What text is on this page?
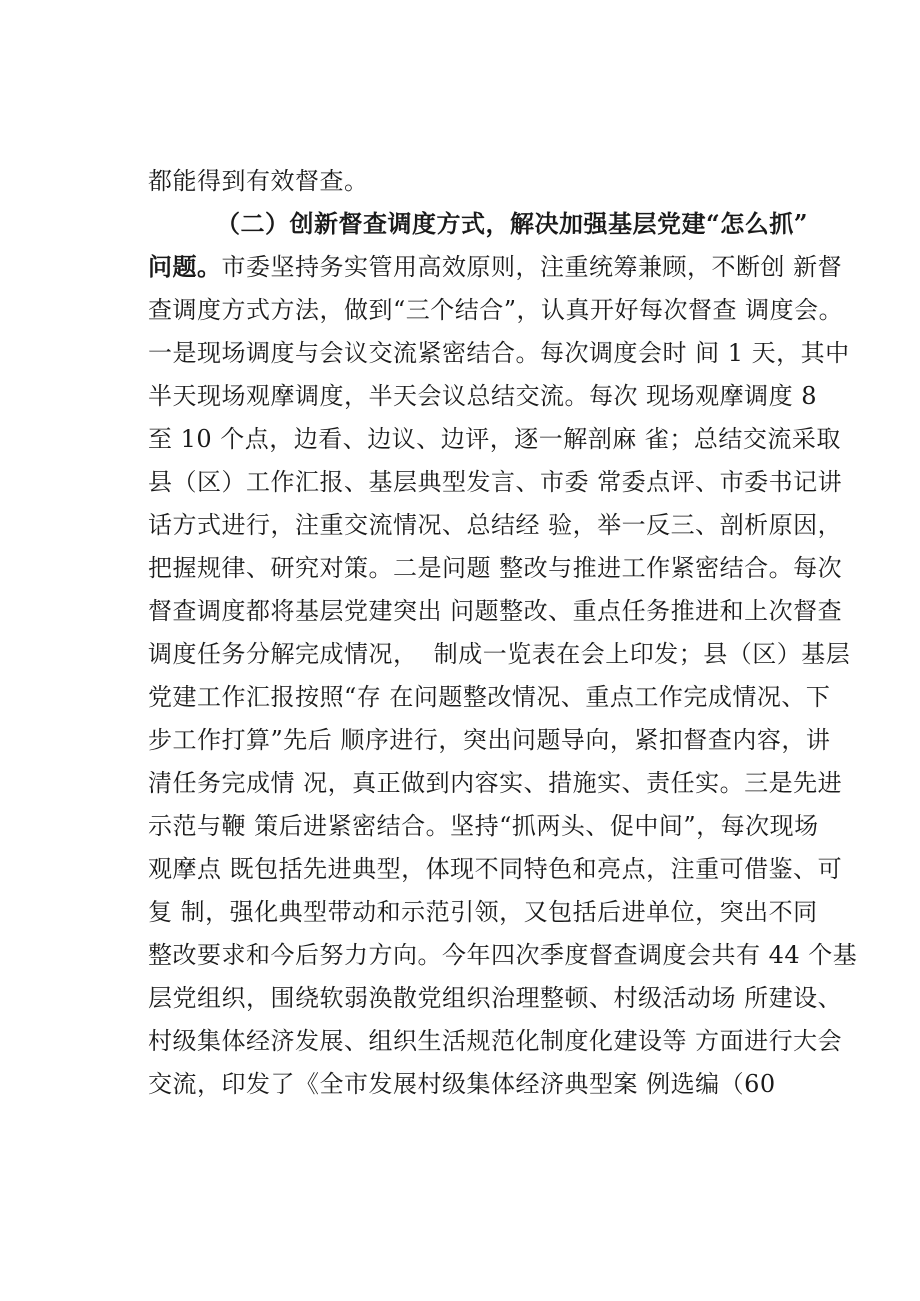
都能得到有效督查。
（二）创新督查调度方式，解决加强基层党建“怎么抓”
问题。市委坚持务实管用高效原则，注重统筹兼顾，不断创 新督
查调度方式方法，做到“三个结合”，认真开好每次督查 调度会。
一是现场调度与会议交流紧密结合。每次调度会时 间 1 天，其中
半天现场观摩调度，半天会议总结交流。每次 现场观摩调度 8
至 10 个点，边看、边议、边评，逐一解剖麻 雀；总结交流采取
县（区）工作汇报、基层典型发言、市委 常委点评、市委书记讲
话方式进行，注重交流情况、总结经 验，举一反三、剖析原因，
把握规律、研究对策。二是问题 整改与推进工作紧密结合。每次
督查调度都将基层党建突出 问题整改、重点任务推进和上次督查
调度任务分解完成情况，  制成一览表在会上印发；县（区）基层
党建工作汇报按照“存 在问题整改情况、重点工作完成情况、下
步工作打算”先后 顺序进行，突出问题导向，紧扣督查内容，讲
清任务完成情 况，真正做到内容实、措施实、责任实。三是先进
示范与鞭 策后进紧密结合。坚持“抓两头、促中间”，每次现场
观摩点 既包括先进典型，体现不同特色和亮点，注重可借鉴、可
复 制，强化典型带动和示范引领，又包括后进单位，突出不同
整改要求和今后努力方向。今年四次季度督查调度会共有 44 个基
层党组织，围绕软弱涣散党组织治理整顿、村级活动场 所建设、
村级集体经济发展、组织生活规范化制度化建设等 方面进行大会
交流，印发了《全市发展村级集体经济典型案 例选编（60
